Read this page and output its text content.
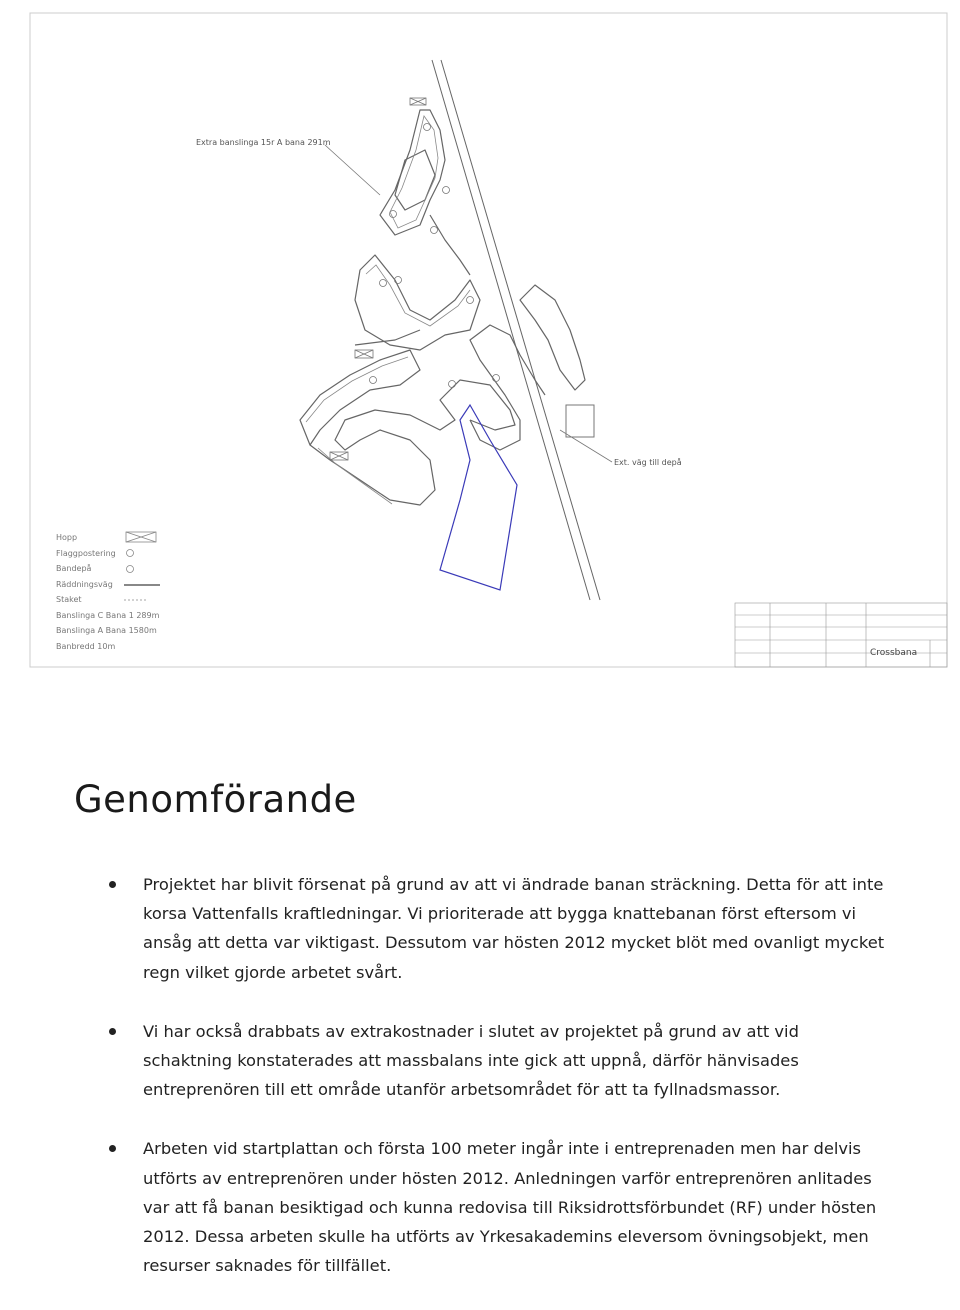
Extra banslinga 15r A bana 291m
Ext. väg till depå
Crossbana
Hopp
Flaggpostering
Bandepå
Räddningsväg
Staket
Banslinga C Bana 1 289m
Banslinga A Bana 1580m
Banbredd 10m
Genomförande
Projektet har blivit försenat på grund av att vi ändrade banan sträckning. Detta för att inte korsa Vattenfalls kraftledningar. Vi prioriterade att bygga knattebanan först eftersom vi ansåg att detta var viktigast. Dessutom var hösten 2012 mycket blöt med ovanligt mycket regn vilket gjorde arbetet svårt.
Vi har också drabbats av extrakostnader i slutet av projektet på grund av att vid schaktning konstaterades att massbalans inte gick att uppnå, därför hänvisades entreprenören till ett område utanför arbetsområdet för att ta fyllnadsmassor.
Arbeten vid startplattan och första 100 meter ingår inte i entreprenaden men har delvis utförts av entreprenören under hösten 2012. Anledningen varför entreprenören anlitades var att få banan besiktigad och kunna redovisa till Riksidrottsförbundet (RF) under hösten 2012. Dessa arbeten skulle ha utförts av Yrkesakademins eleversom övningsobjekt, men resurser saknades för tillfället.
